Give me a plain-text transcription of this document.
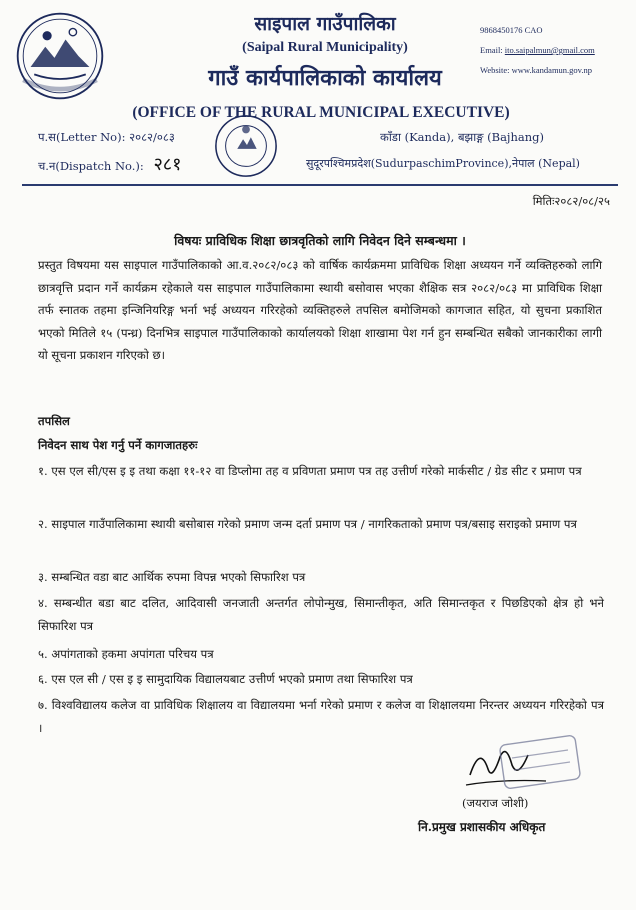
साइपाल गाउँपालिका
(Saipal Rural Municipality)
गाउँ कार्यपालिकाको कार्यालय
9868450176 CAO
Email: ito.saipalmun@gmail.com
Website: www.kandamun.gov.np
(OFFICE OF THE RURAL MUNICIPAL EXECUTIVE)
प.स(Letter No): २०८२/०८३
च.न(Dispatch No.): २८१
काँडा (Kanda), बझाङ्ग (Bajhang)
सुदूरपश्चिमप्रदेश(SudurpaschimProvince),नेपाल (Nepal)
मितिः२०८२/०८/२५
विषयः प्राविधिक शिक्षा छात्रवृतिको लागि निवेदन दिने सम्बन्धमा ।
प्रस्तुत विषयमा यस साइपाल गाउँपालिकाको आ.व.२०८२/०८३ को वार्षिक कार्यक्रममा प्राविधिक शिक्षा अध्ययन गर्ने व्यक्तिहरुको लागि छात्रवृत्ति प्रदान गर्ने कार्यक्रम रहेकाले यस साइपाल गाउँपालिकामा स्थायी बसोवास भएका शैक्षिक सत्र २०८२/०८३ मा प्राविधिक शिक्षा तर्फ स्नातक तहमा इन्जिनियरिङ्ग भर्ना भई अध्ययन गरिरहेको व्यक्तिहरुले तपसिल बमोजिमको कागजात सहित, यो सुचना प्रकाशित भएको मितिले १५ (पन्ध्र) दिनभित्र साइपाल गाउँपालिकाको कार्यालयको शिक्षा शाखामा पेश गर्न हुन सम्बन्धित सबैको जानकारीका लागी यो सूचना प्रकाशन गरिएको छ।
तपसिल
निवेदन साथ पेश गर्नु पर्ने कागजातहरुः
१. एस एल सी/एस इ इ तथा कक्षा ११-१२ वा डिप्लोमा तह व प्रविणता प्रमाण पत्र तह उत्तीर्ण गरेको मार्कसीट / ग्रेड सीट र प्रमाण पत्र
२. साइपाल गाउँपालिकामा स्थायी बसोबास गरेको प्रमाण जन्म दर्ता प्रमाण पत्र / नागरिकताको प्रमाण पत्र/बसाइ सराइको प्रमाण पत्र
३. सम्बन्धित वडा बाट आर्थिक रुपमा विपन्न भएको सिफारिश पत्र
४. सम्बन्धीत बडा बाट दलित, आदिवासी जनजाती अन्तर्गत लोपोन्मुख, सिमान्तीकृत, अति सिमान्तकृत र पिछडिएको क्षेत्र हो भने सिफारिश पत्र
५. अपांगताको हकमा अपांगता परिचय पत्र
६. एस एल सी / एस इ इ सामुदायिक विद्यालयबाट उत्तीर्ण भएको प्रमाण तथा सिफारिश पत्र
७. विश्वविद्यालय कलेज वा प्राविधिक शिक्षालय वा विद्यालयमा भर्ना गरेको प्रमाण र कलेज वा शिक्षालयमा निरन्तर अध्ययन गरिरहेको पत्र ।
(जयराज जोशी)
नि.प्रमुख प्रशासकीय अधिकृत
